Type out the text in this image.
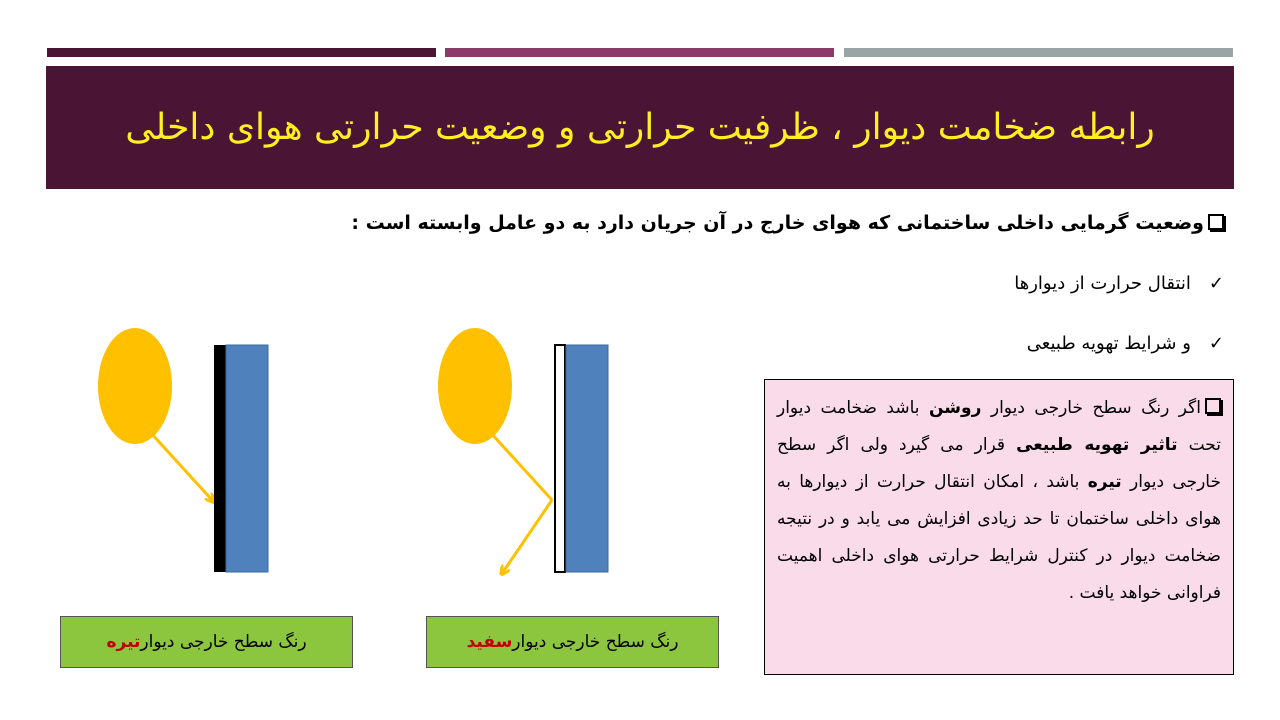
رابطه ضخامت دیوار ، ظرفیت حرارتی و وضعیت حرارتی هوای داخلی
وضعیت گرمایی داخلی ساختمانی که هوای خارج در آن جریان دارد به دو عامل وابسته است :
✓انتقال حرارت از دیوارها
✓و شرایط تهویه طبیعی
رنگ سطح خارجی دیوار
تیره	رنگ سطح خارجی دیوار
سفید
اگر رنگ سطح خارجی دیوار روشن باشد ضخامت دیوار تحت تاثیر تهویه طبیعی قرار می گیرد ولی اگر سطح خارجی دیوار تیره باشد ، امکان انتقال حرارت از دیوارها به هوای داخلی ساختمان تا حد زیادی افزایش می یابد و در نتیجه ضخامت دیوار در کنترل شرایط حرارتی هوای داخلی اهمیت فراوانی خواهد یافت .
